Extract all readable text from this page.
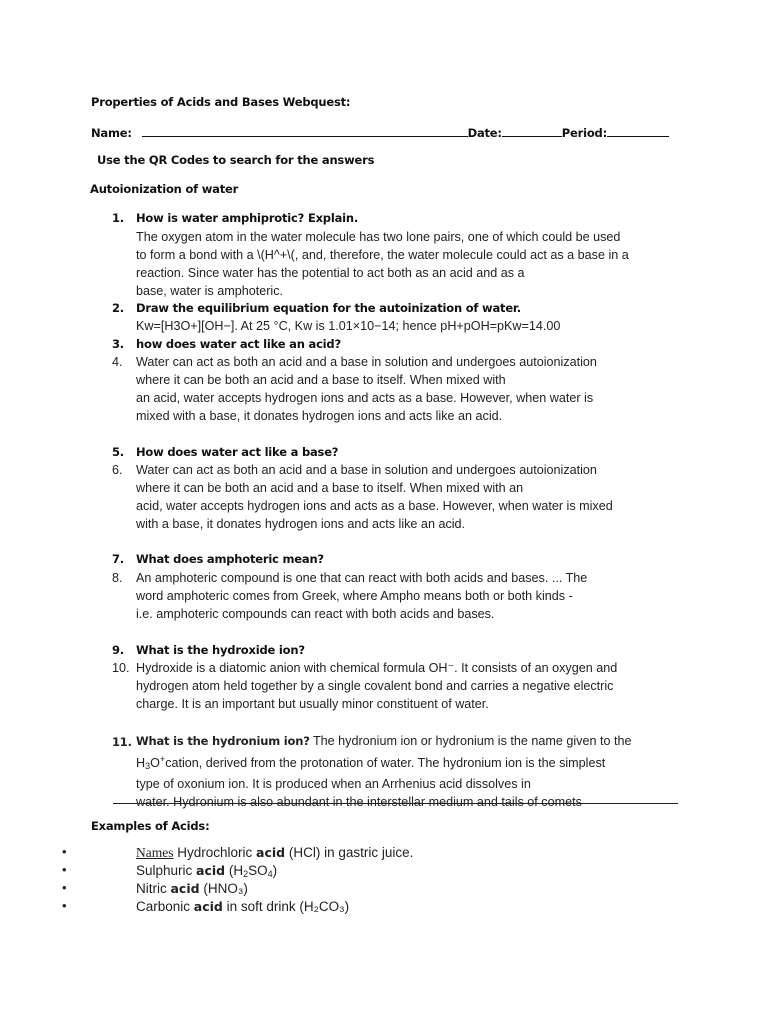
Properties of Acids and Bases Webquest:
Name:	Date:	Period:
Use the QR Codes to search for the answers
Autoionization of water
1.	How is water amphiprotic? Explain.
The oxygen atom in the water molecule has two lone pairs, one of which could be used
to form a bond with a \(H^+\(, and, therefore, the water molecule could act as a base in a
reaction. Since water has the potential to act both as an acid and as a
base, water is amphoteric.
2.	Draw the equilibrium equation for the autoinization of water.
Kw=[H3O+][OH−]. At 25 °C, Kw is 1.01×10−14; hence pH+pOH=pKw=14.00
3.	how does water act like an acid?
4.	Water can act as both an acid and a base in solution and undergoes autoionization
where it can be both an acid and a base to itself. When mixed with
an acid, water accepts hydrogen ions and acts as a base. However, when water is
mixed with a base, it donates hydrogen ions and acts like an acid.
5.	How does water act like a base?
6.	Water can act as both an acid and a base in solution and undergoes autoionization
where it can be both an acid and a base to itself. When mixed with an
acid, water accepts hydrogen ions and acts as a base. However, when water is mixed
with a base, it donates hydrogen ions and acts like an acid.
7.	What does amphoteric mean?
8.	An amphoteric compound is one that can react with both acids and bases. ... The
word amphoteric comes from Greek, where Ampho means both or both kinds -
i.e. amphoteric compounds can react with both acids and bases.
9.	What is the hydroxide ion?
10. Hydroxide is a diatomic anion with chemical formula OH⁻. It consists of an oxygen and
hydrogen atom held together by a single covalent bond and carries a negative electric
charge. It is an important but usually minor constituent of water.
11. What is the hydronium ion? The hydronium ion or hydronium is the name given to the
$H_3O^+cation$, derived from the protonation of water. The hydronium ion is the simplest
type of oxonium ion. It is produced when an Arrhenius acid dissolves in
water. Hydronium is also abundant in the interstellar medium and tails of comets
Examples of Acids:
•	Names Hydrochloric acid (HCl) in gastric juice.
•	Sulphuric acid $(H_2SO_4)$
•	Nitric acid (HNO₃)
•	Carbonic acid in soft drink (H₂CO₃)
